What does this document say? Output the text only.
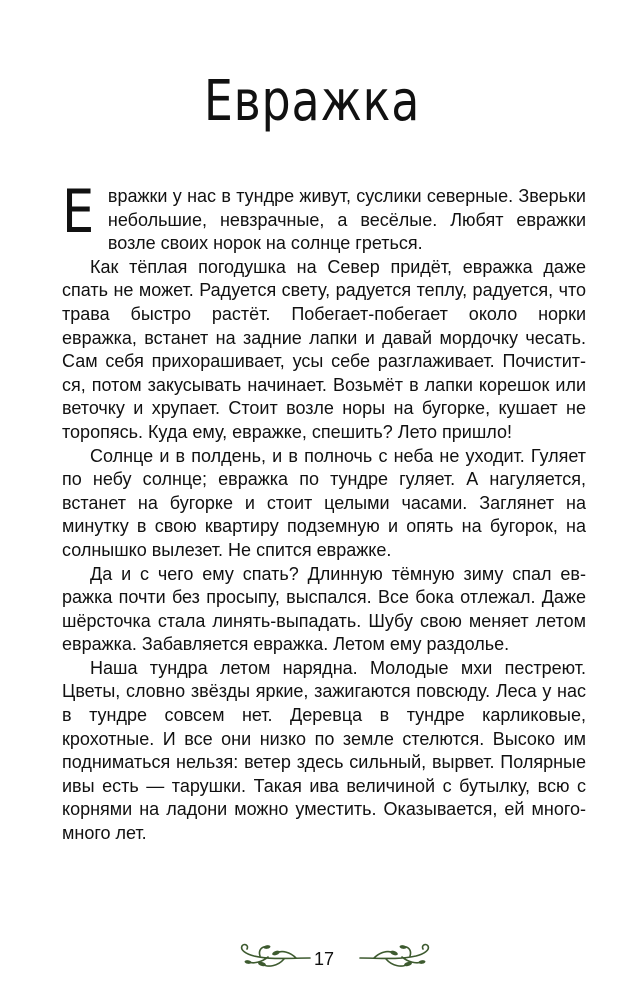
Евражка

Евражки у нас в тундре живут, суслики северные. Зверьки небольшие, невзрачные, а весёлые. Любят евражки возле своих норок на солнце греться.

Как тёплая погодушка на Север придёт, евражка даже спать не может. Радуется свету, радуется теплу, радуется, что трава быстро растёт. Побегает-побегает около норки евражка, встанет на задние лапки и давай мордочку чесать. Сам себя прихорашивает, усы себе разглаживает. Почистится, потом закусывать начинает. Возьмёт в лапки корешок или веточку и хрупает. Стоит возле норы на бугорке, кушает не торопясь. Куда ему, евражке, спешить? Лето пришло!

Солнце и в полдень, и в полночь с неба не уходит. Гуляет по небу солнце; евражка по тундре гуляет. А нагуляется, встанет на бугорке и стоит целыми часами. Заглянет на минутку в свою квартиру подземную и опять на бугорок, на солнышко вылезет. Не спится евражке.

Да и с чего ему спать? Длинную тёмную зиму спал евражка почти без просыпу, выспался. Все бока отлежал. Даже шёрсточка стала линять-выпадать. Шубу свою меняет летом евражка. Забавляется евражка. Летом ему раздолье.

Наша тундра летом нарядна. Молодые мхи пестреют. Цветы, словно звёзды яркие, зажигаются повсюду. Леса у нас в тундре совсем нет. Деревца в тундре карликовые, крохотные. И все они низко по земле стелются. Высоко им подниматься нельзя: ветер здесь сильный, вырвет. Полярные ивы есть — тарушки. Такая ива величиной с бутылку, всю с корнями на ладони можно уместить. Оказывается, ей много-много лет.

17
